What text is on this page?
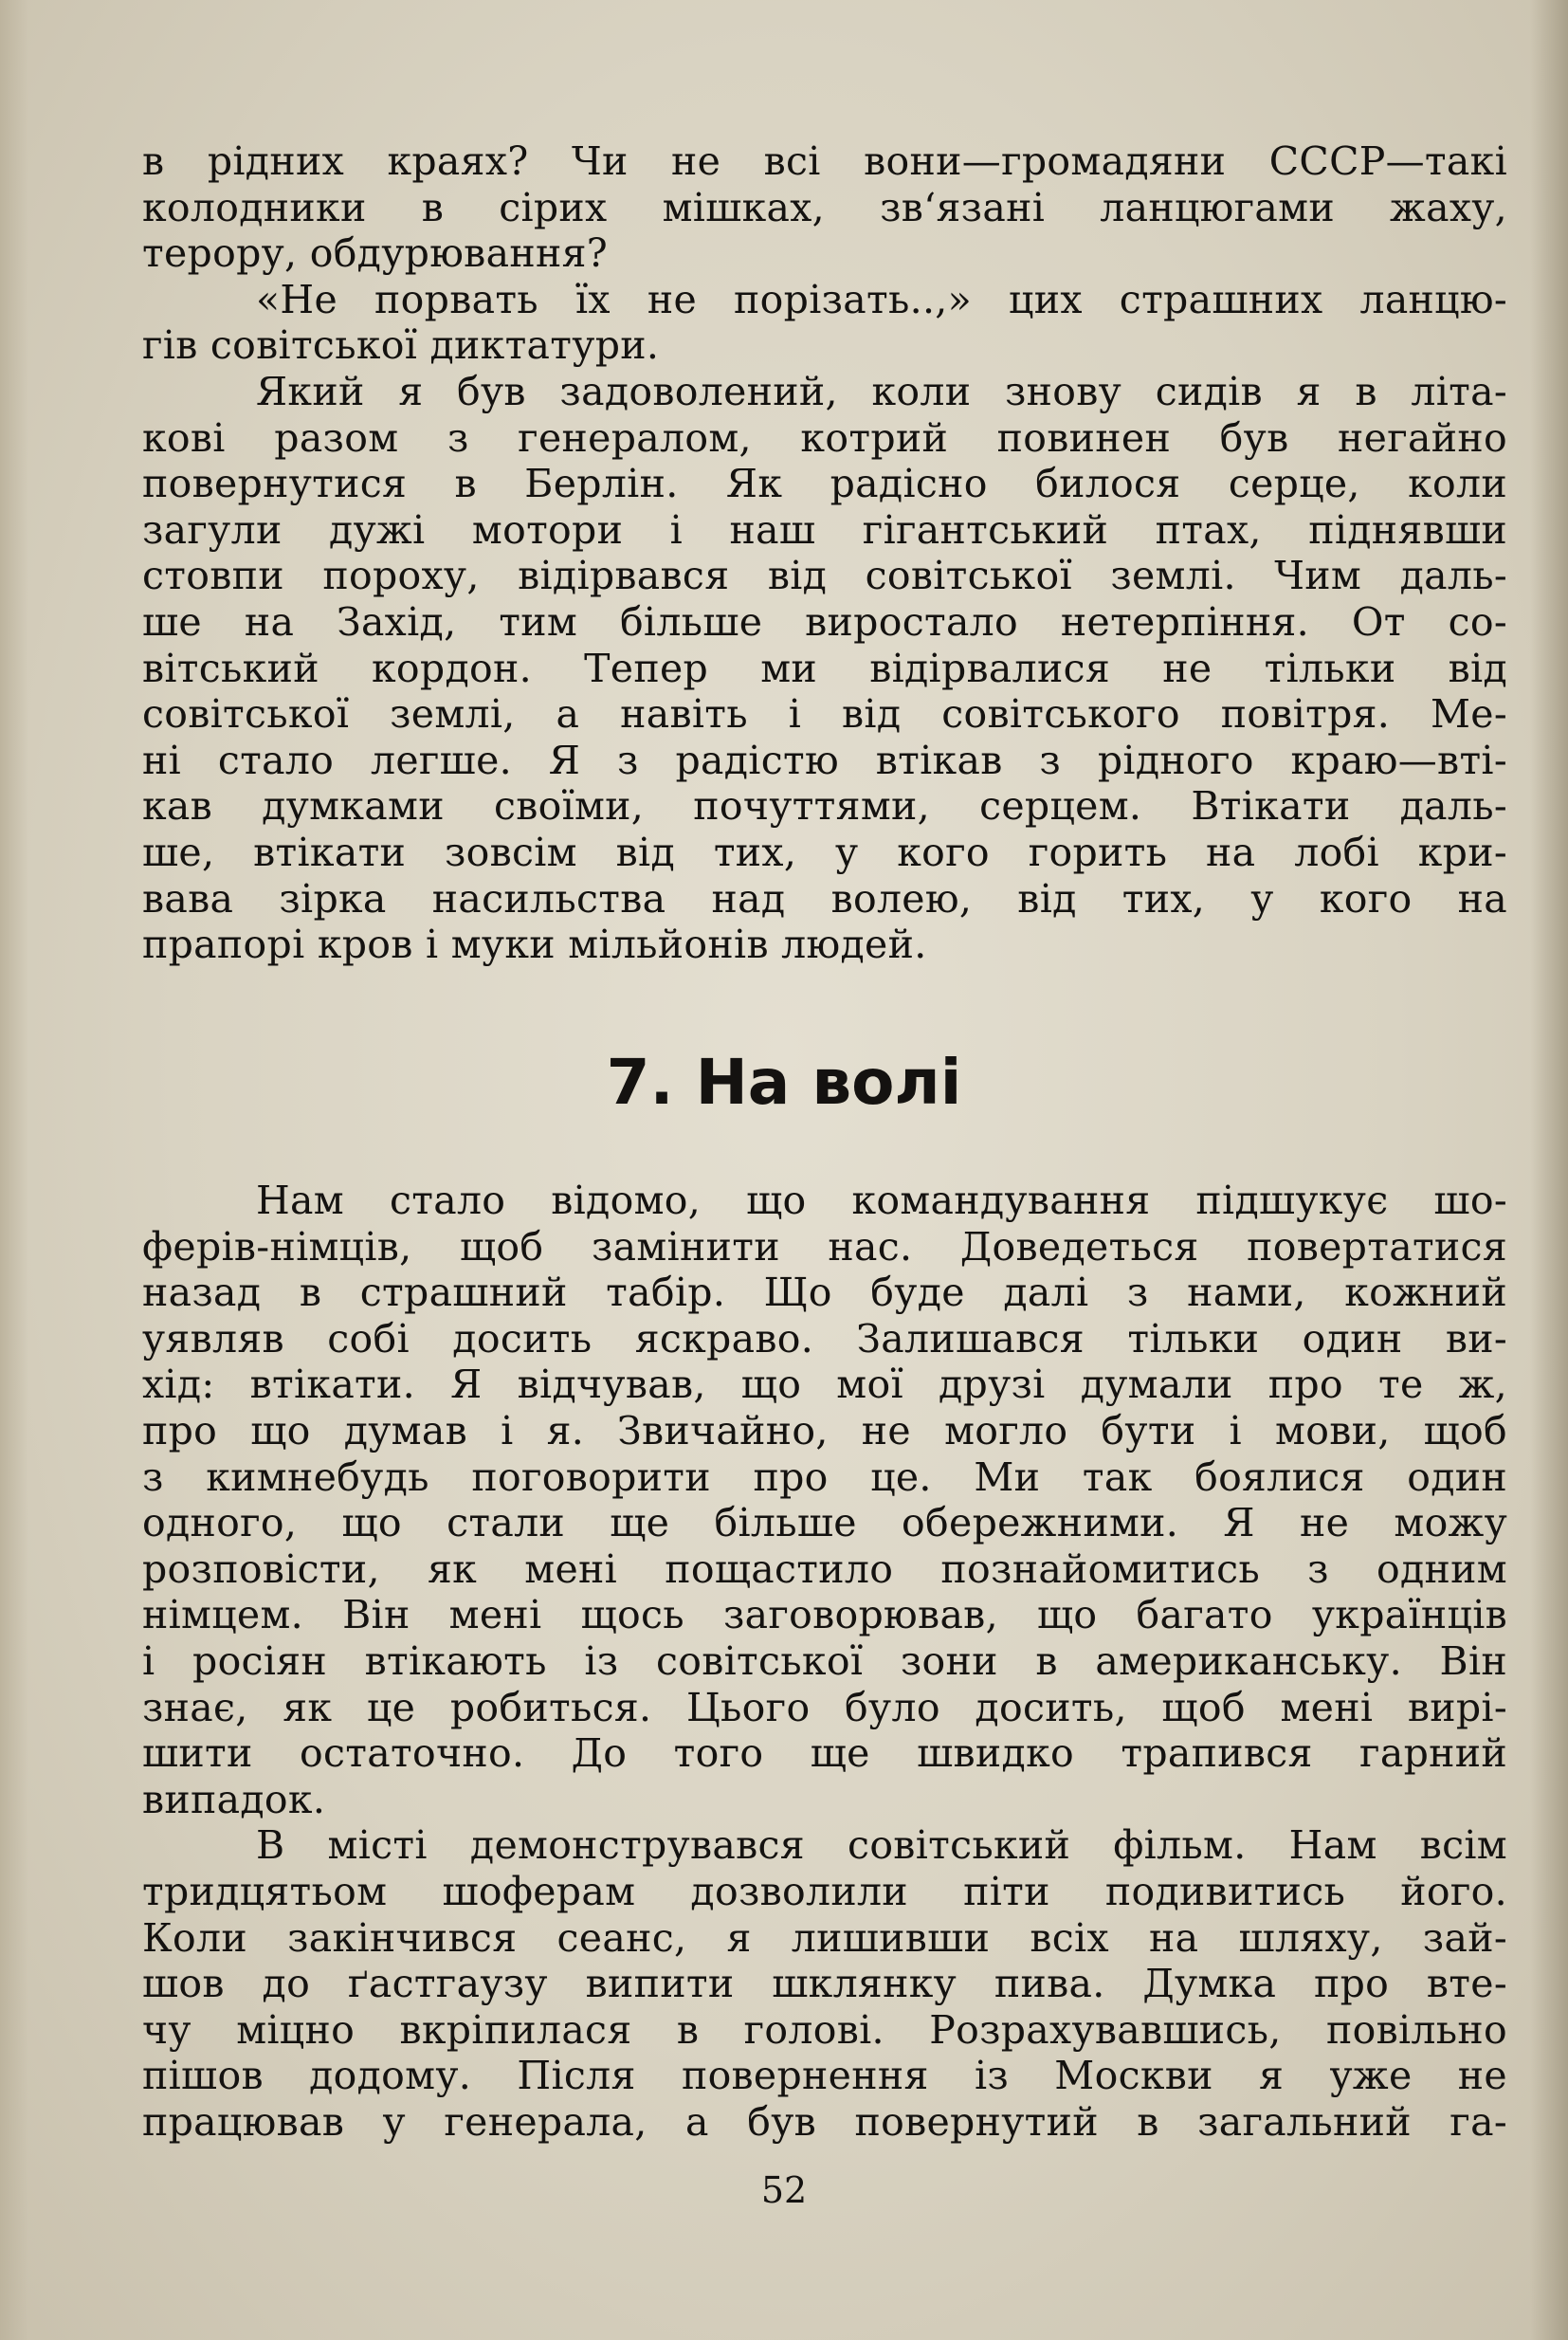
в рідних краях? Чи не всі вони—громадяни СССР—такі
колодники в сірих мішках, зв‘язані ланцюгами жаху,
терору, обдурювання?
«Не порвать їх не порізать..,» цих страшних ланцю-
гів совітської диктатури.
Який я був задоволений, коли знову сидів я в літа-
кові разом з генералом, котрий повинен був негайно
повернутися в Берлін. Як радісно билося серце, коли
загули дужі мотори і наш гігантський птах, піднявши
стовпи пороху, відірвався від совітської землі. Чим даль-
ше на Захід, тим більше виростало нетерпіння. От со-
вітський кордон. Тепер ми відірвалися не тільки від
совітської землі, а навіть і від совітського повітря. Ме-
ні стало легше. Я з радістю втікав з рідного краю—вті-
кав думками своїми, почуттями, серцем. Втікати даль-
ше, втікати зовсім від тих, у кого горить на лобі кри-
вава зірка насильства над волею, від тих, у кого на
прапорі кров і муки мільйонів людей.
7. На волі
Нам стало відомо, що командування підшукує шо-
ферів-німців, щоб замінити нас. Доведеться повертатися
назад в страшний табір. Що буде далі з нами, кожний
уявляв собі досить яскраво. Залишався тільки один ви-
хід: втікати. Я відчував, що мої друзі думали про те ж,
про що думав і я. Звичайно, не могло бути і мови, щоб
з кимнебудь поговорити про це. Ми так боялися один
одного, що стали ще більше обережними. Я не можу
розповісти, як мені пощастило познайомитись з одним
німцем. Він мені щось заговорював, що багато українців
і росіян втікають із совітської зони в американську. Він
знає, як це робиться. Цього було досить, щоб мені вирі-
шити остаточно. До того ще швидко трапився гарний
випадок.
В місті демонструвався совітський фільм. Нам всім
тридцятьом шоферам дозволили піти подивитись його.
Коли закінчився сеанс, я лишивши всіх на шляху, зай-
шов до ґастгаузу випити шклянку пива. Думка про вте-
чу міцно вкріпилася в голові. Розрахувавшись, повільно
пішов додому. Після повернення із Москви я уже не
працював у генерала, а був повернутий в загальний га-
52
